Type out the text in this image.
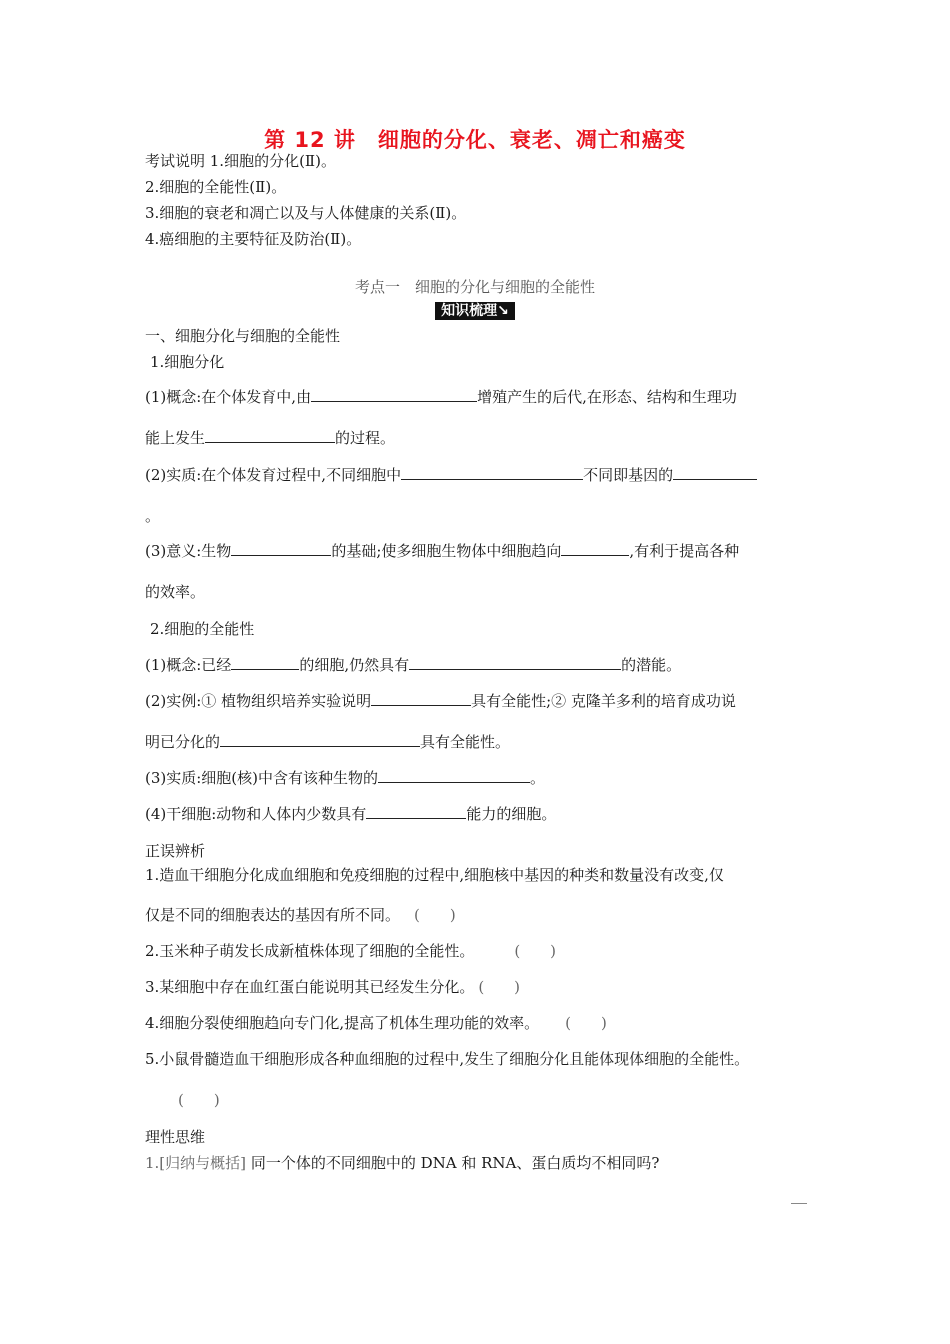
第 12 讲　细胞的分化、衰老、凋亡和癌变
考试说明 1.细胞的分化(Ⅱ)。
2.细胞的全能性(Ⅱ)。
3.细胞的衰老和凋亡以及与人体健康的关系(Ⅱ)。
4.癌细胞的主要特征及防治(Ⅱ)。
考点一　细胞的分化与细胞的全能性
知识梳理↘
一、细胞分化与细胞的全能性
1.细胞分化
(1)概念:在个体发育中,由	增殖产生的后代,在形态、结构和生理功
能上发生	的过程。
(2)实质:在个体发育过程中,不同细胞中	不同即基因的
。
(3)意义:生物	的基础;使多细胞生物体中细胞趋向	,有利于提高各种
的效率。
2.细胞的全能性
(1)概念:已经	的细胞,仍然具有	的潜能。
(2)实例:① 植物组织培养实验说明	具有全能性;② 克隆羊多利的培育成功说
明已分化的	具有全能性。
(3)实质:细胞(核)中含有该种生物的	。
(4)干细胞:动物和人体内少数具有	能力的细胞。
正误辨析
1.造血干细胞分化成血细胞和免疫细胞的过程中,细胞核中基因的种类和数量没有改变,仅
仅是不同的细胞表达的基因有所不同。 (　　)
2.玉米种子萌发长成新植株体现了细胞的全能性。	(　　)
3.某细胞中存在血红蛋白能说明其已经发生分化。 (　　)
4.细胞分裂使细胞趋向专门化,提高了机体生理功能的效率。 (　　)
5.小鼠骨髓造血干细胞形成各种血细胞的过程中,发生了细胞分化且能体现体细胞的全能性。
(　　)
理性思维
1.[归纳与概括] 同一个体的不同细胞中的 DNA 和 RNA、蛋白质均不相同吗?
